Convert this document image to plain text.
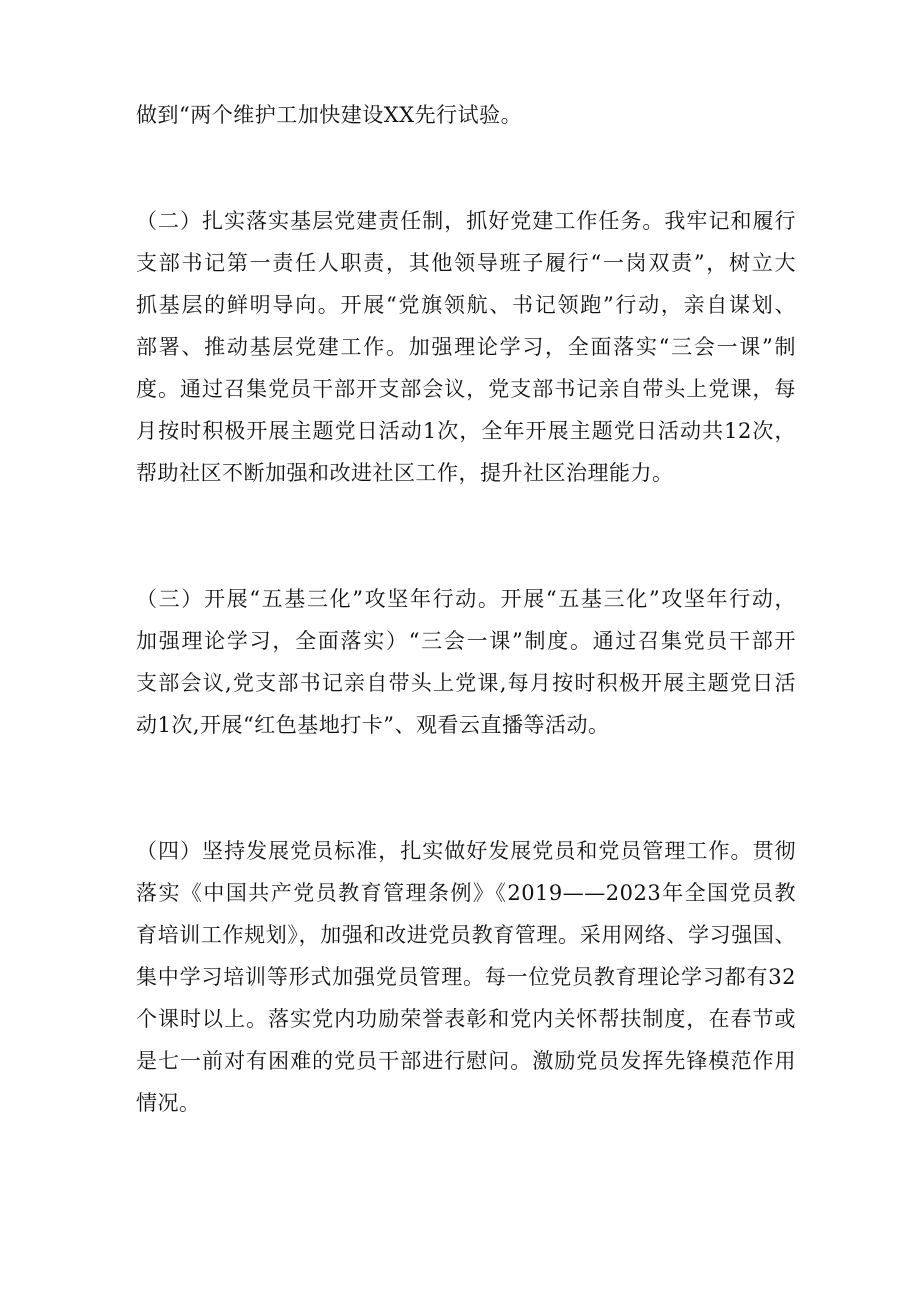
做到“两个维护工加快建设XX先行试验。
（二）扎实落实基层党建责任制，抓好党建工作任务。我牢记和履行
支部书记第一责任人职责，其他领导班子履行“一岗双责”，树立大
抓基层的鲜明导向。开展“党旗领航、书记领跑”行动，亲自谋划、
部署、推动基层党建工作。加强理论学习，全面落实“三会一课”制
度。通过召集党员干部开支部会议，党支部书记亲自带头上党课，每
月按时积极开展主题党日活动1次，全年开展主题党日活动共12次，
帮助社区不断加强和改进社区工作，提升社区治理能力。
（三）开展“五基三化”攻坚年行动。开展“五基三化”攻坚年行动，
加强理论学习，全面落实）“三会一课”制度。通过召集党员干部开
支部会议,党支部书记亲自带头上党课,每月按时积极开展主题党日活
动1次,开展“红色基地打卡”、观看云直播等活动。
（四）坚持发展党员标准，扎实做好发展党员和党员管理工作。贯彻
落实《中国共产党员教育管理条例》《2019——2023年全国党员教
育培训工作规划》，加强和改进党员教育管理。采用网络、学习强国、
集中学习培训等形式加强党员管理。每一位党员教育理论学习都有32
个课时以上。落实党内功励荣誉表彰和党内关怀帮扶制度，在春节或
是七一前对有困难的党员干部进行慰问。激励党员发挥先锋模范作用
情况。
